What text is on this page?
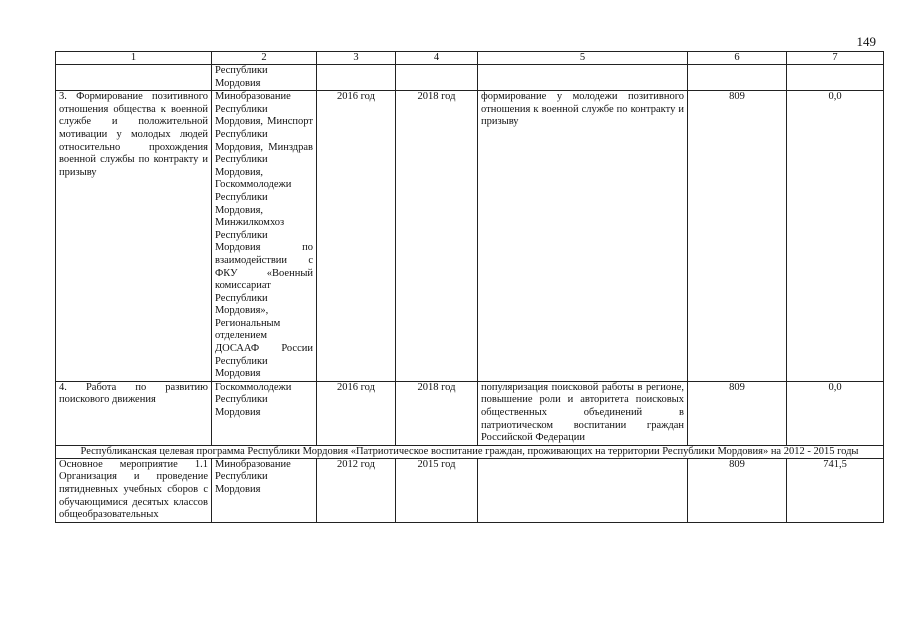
149
1	2	3	4	5	6	7
	Республики Мордовия					
3. Формирование позитивного отношения общества к военной службе и положительной мотивации у молодых людей относительно прохождения военной службы по контракту и призыву	Минобразование Республики Мордовия, Минспорт Республики Мордовия, Минздрав Республики Мордовия, Госкоммолодежи Республики Мордовия, Минжилкомхоз Республики Мордовия по взаимодействии с ФКУ «Военный комиссариат Республики Мордовия», Региональным отделением ДОСААФ России Республики Мордовия	2016 год	2018 год	формирование у молодежи позитивного отношения к военной службе по контракту и призыву	809	0,0
4. Работа по развитию поискового движения	Госкоммолодежи Республики Мордовия	2016 год	2018 год	популяризация поисковой работы в регионе, повышение роли и авторитета поисковых общественных объединений в патриотическом воспитании граждан Российской Федерации	809	0,0
Республиканская целевая программа Республики Мордовия «Патриотическое воспитание граждан, проживающих на территории Республики Мордовия» на 2012 - 2015 годы						
Основное мероприятие 1.1 Организация и проведение пятидневных учебных сборов с обучающимися десятых классов общеобразовательных	Минобразование Республики Мордовия	2012 год	2015 год		809	741,5
